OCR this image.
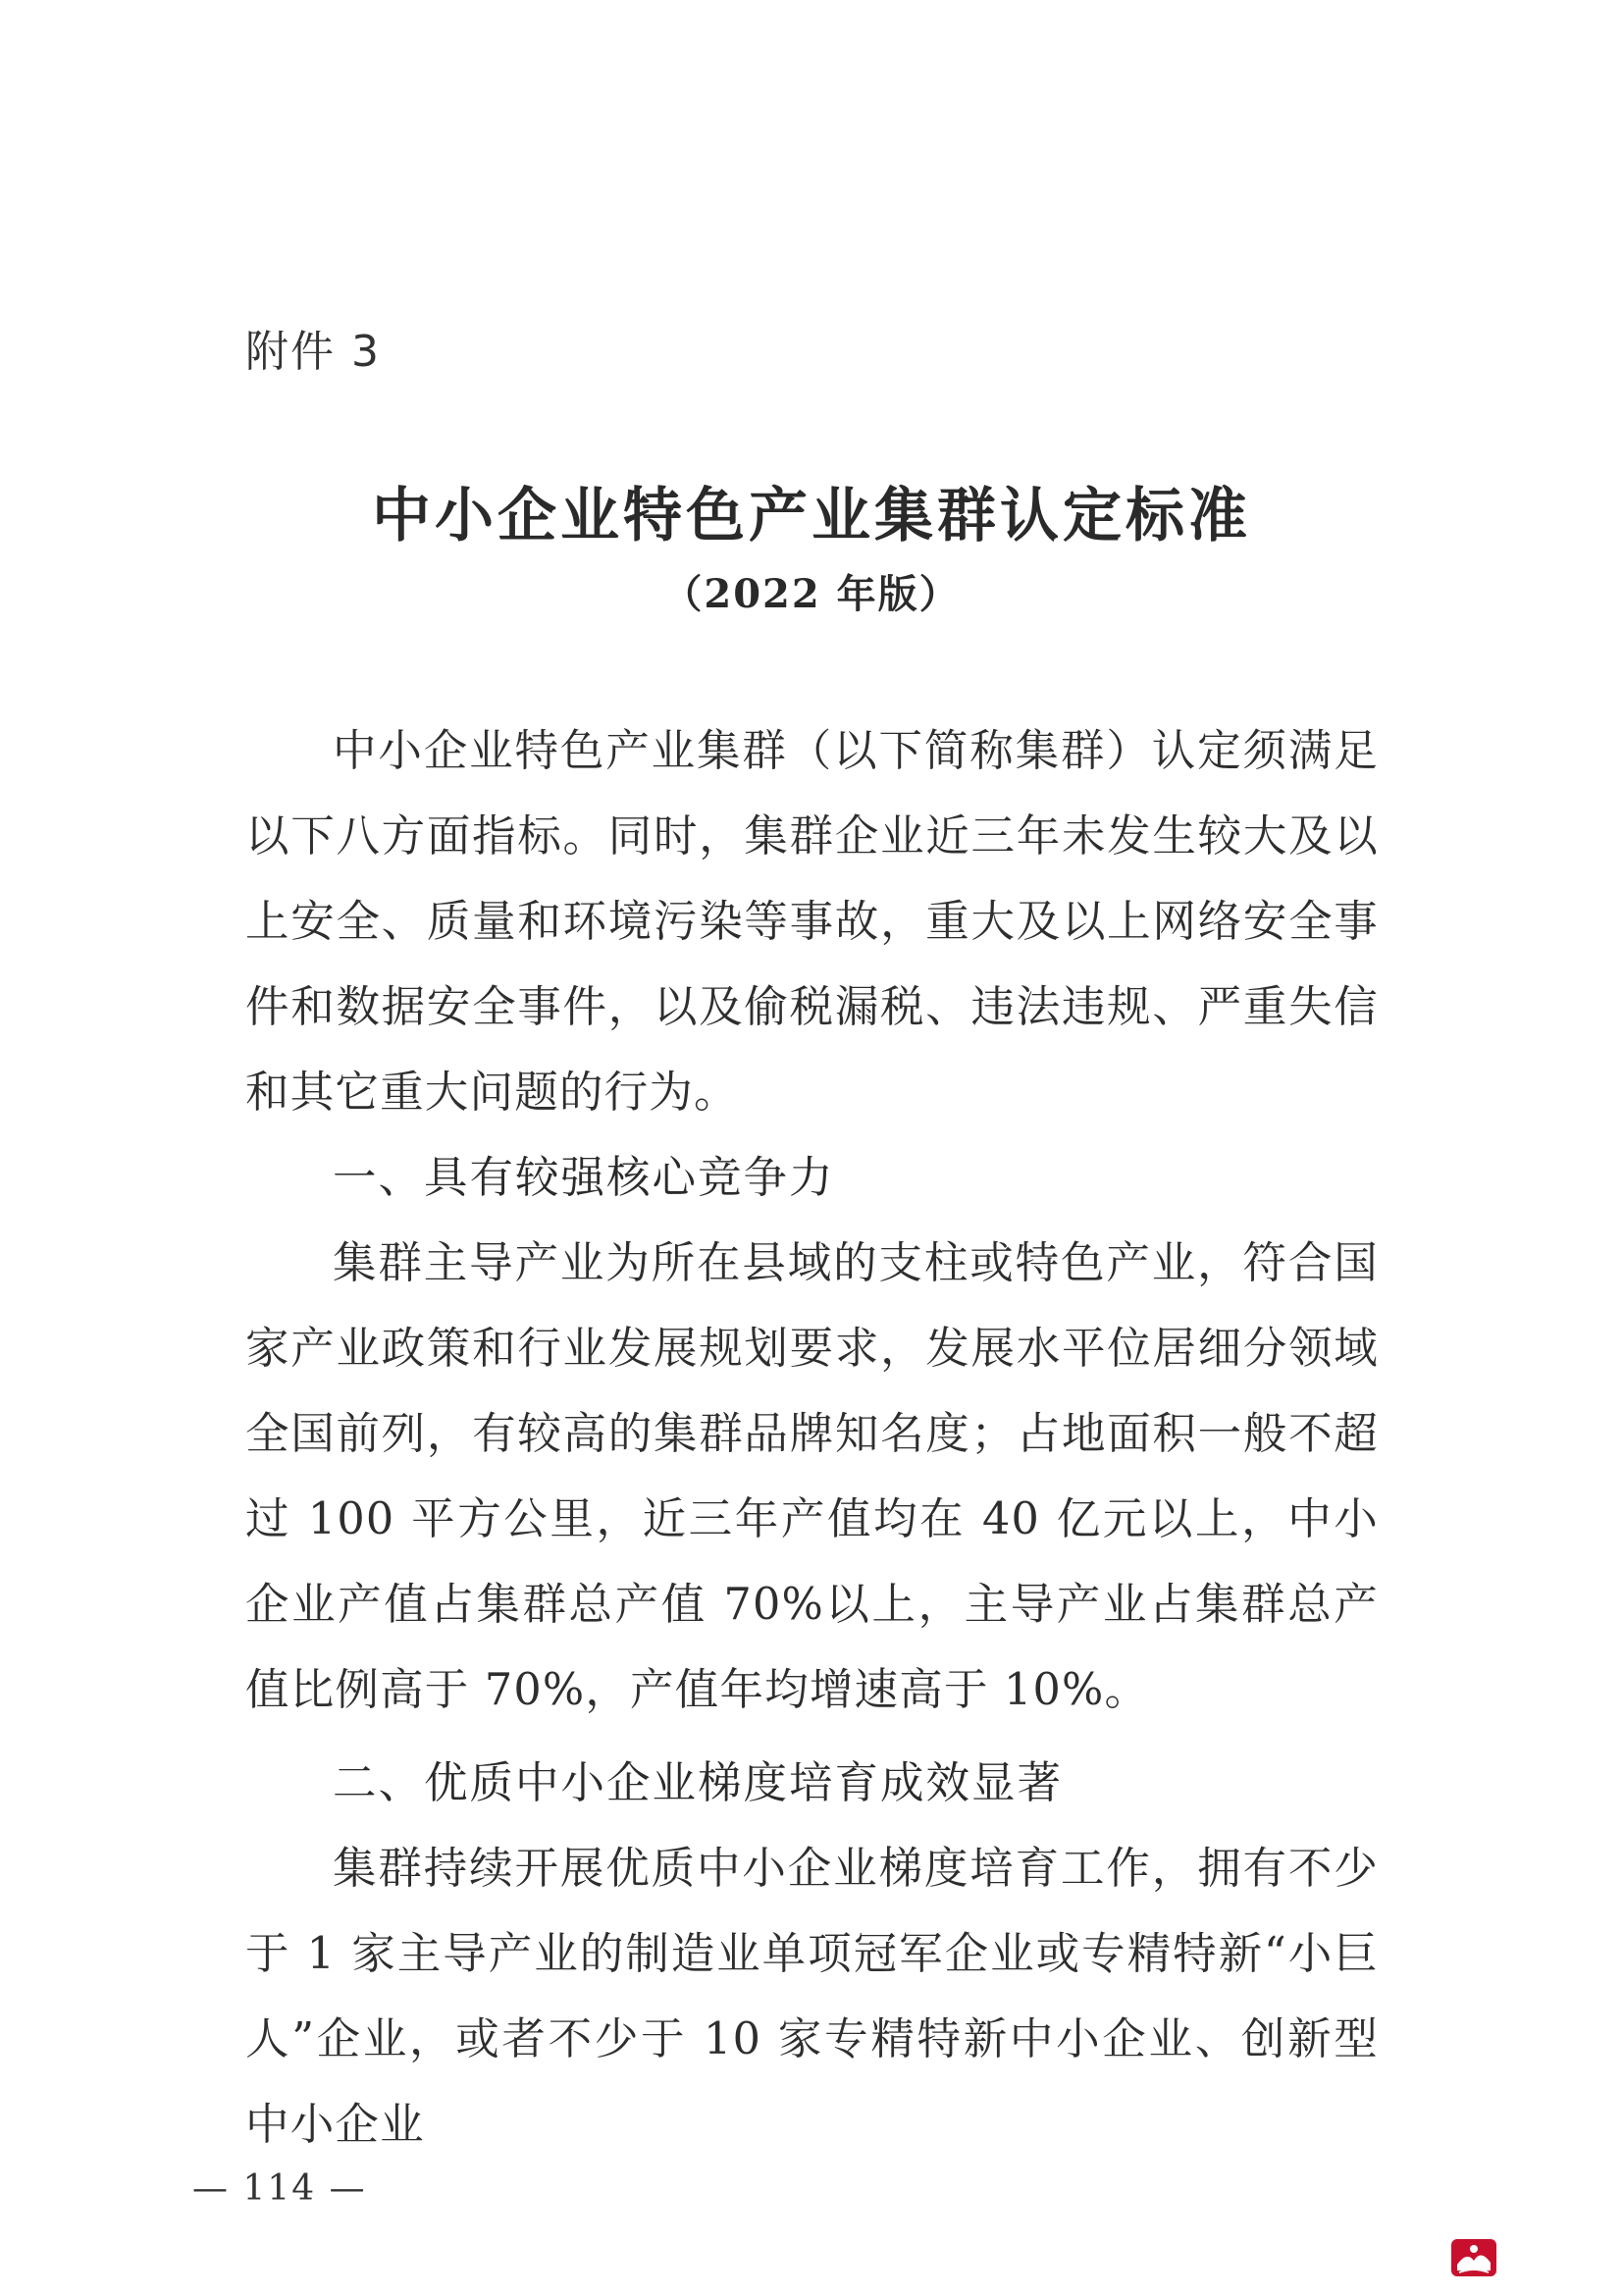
附件 3
中小企业特色产业集群认定标准
（2022 年版）

中小企业特色产业集群（以下简称集群）认定须满足以下八方面指标。同时，集群企业近三年未发生较大及以上安全、质量和环境污染等事故，重大及以上网络安全事件和数据安全事件，以及偷税漏税、违法违规、严重失信和其它重大问题的行为。

一、具有较强核心竞争力

集群主导产业为所在县域的支柱或特色产业，符合国家产业政策和行业发展规划要求，发展水平位居细分领域全国前列，有较高的集群品牌知名度；占地面积一般不超过 100 平方公里，近三年产值均在 40 亿元以上，中小企业产值占集群总产值 70%以上，主导产业占集群总产值比例高于 70%，产值年均增速高于 10%。

二、优质中小企业梯度培育成效显著

集群持续开展优质中小企业梯度培育工作，拥有不少于 1 家主导产业的制造业单项冠军企业或专精特新“小巨人”企业，或者不少于 10 家专精特新中小企业、创新型中小企业

— 114 —
